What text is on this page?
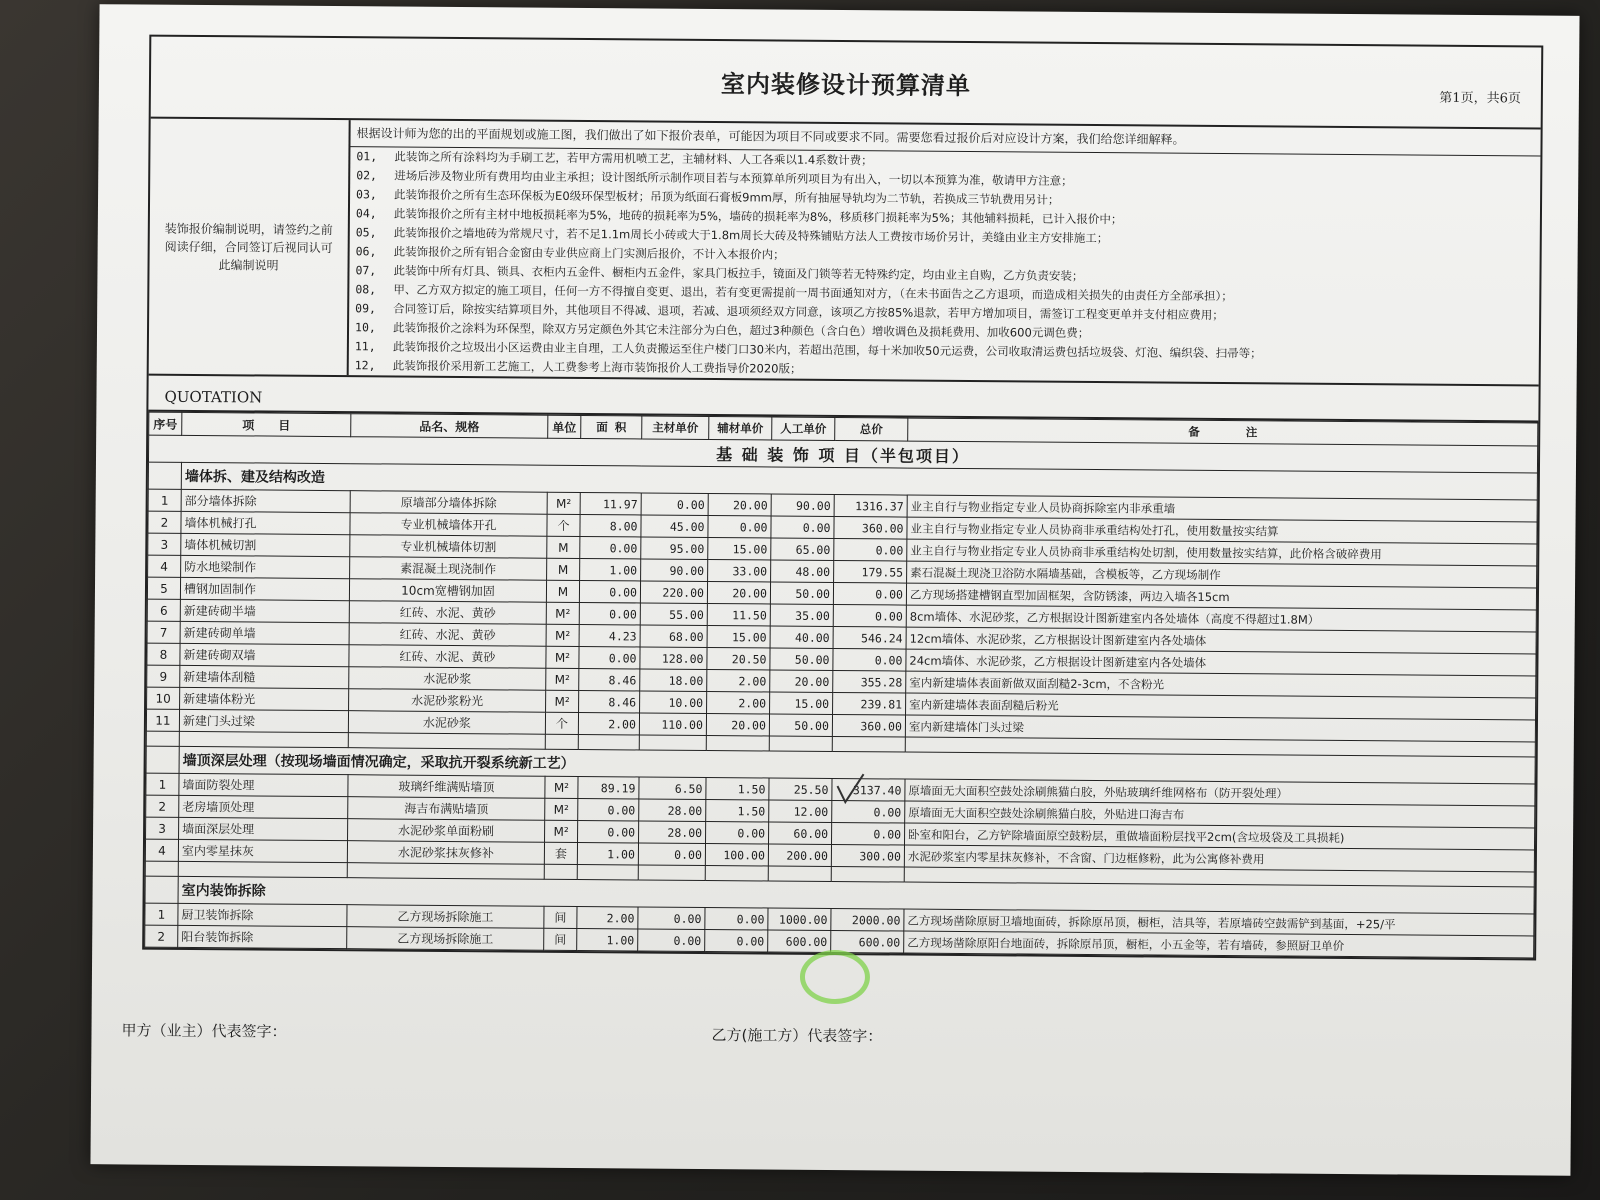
室内装修设计预算清单	第1页，共6页
装饰报价编制说明，请签约之前阅读仔细，合同签订后视同认可此编制说明
根据设计师为您的出的平面规划或施工图，我们做出了如下报价表单，可能因为项目不同或要求不同。需要您看过报价后对应设计方案，我们给您详细解释。
01, 此装饰之所有涂料均为手刷工艺，若甲方需用机喷工艺，主辅材料、人工各乘以1.4系数计费；
02, 进场后涉及物业所有费用均由业主承担；设计图纸所示制作项目若与本预算单所列项目为有出入，一切以本预算为准，敬请甲方注意；
03, 此装饰报价之所有生态环保板为E0级环保型板材；吊顶为纸面石膏板9mm厚，所有抽屉导轨均为二节轨，若换成三节轨费用另计；
04, 此装饰报价之所有主材中地板损耗率为5%，地砖的损耗率为5%，墙砖的损耗率为8%，移质移门损耗率为5%；其他辅料损耗，已计入报价中；
05, 此装饰报价之墙地砖为常规尺寸，若不足1.1m周长小砖或大于1.8m周长大砖及特殊铺贴方法人工费按市场价另计，美缝由业主方安排施工；
06, 此装饰报价之所有铝合金窗由专业供应商上门实测后报价，不计入本报价内；
07, 此装饰中所有灯具、锁具、衣柜内五金件、橱柜内五金件，家具门板拉手，镜面及门锁等若无特殊约定，均由业主自购，乙方负责安装；
08, 甲、乙方双方拟定的施工项目，任何一方不得擅自变更、退出，若有变更需提前一周书面通知对方，（在未书面告之乙方退项，而造成相关损失的由责任方全部承担）；
09, 合同签订后，除按实结算项目外，其他项目不得减、退项，若减、退项须经双方同意，该项乙方按85%退款，若甲方增加项目，需签订工程变更单并支付相应费用；
10, 此装饰报价之涂料为环保型，除双方另定颜色外其它未注部分为白色，超过3种颜色（含白色）增收调色及损耗费用、加收600元调色费；
11, 此装饰报价之垃圾出小区运费由业主自理，工人负责搬运至住户楼门口30米内，若超出范围，每十米加收50元运费，公司收取清运费包括垃圾袋、灯泡、编织袋、扫帚等；
12, 此装饰报价采用新工艺施工，人工费参考上海市装饰报价人工费指导价2020版；
QUOTATION
序号	项　　目	品名、规格	单位	面 积	主材单价	辅材单价	人工单价	总价	备　　　　注
基 础 装 饰 项 目（半包项目）									
	墙体拆、建及结构改造								
1	部分墙体拆除	原墙部分墙体拆除	M²	11.97	0.00	20.00	90.00	1316.37	业主自行与物业指定专业人员协商拆除室内非承重墙
2	墙体机械打孔	专业机械墙体开孔	个	8.00	45.00	0.00	0.00	360.00	业主自行与物业指定专业人员协商非承重结构处打孔，使用数量按实结算
3	墙体机械切割	专业机械墙体切割	M	0.00	95.00	15.00	65.00	0.00	业主自行与物业指定专业人员协商非承重结构处切割，使用数量按实结算，此价格含破碎费用
4	防水地梁制作	素混凝土现浇制作	M	1.00	90.00	33.00	48.00	179.55	素石混凝土现浇卫浴防水隔墙基础，含模板等，乙方现场制作
5	槽钢加固制作	10cm宽槽钢加固	M	0.00	220.00	20.00	50.00	0.00	乙方现场搭建槽钢直型加固框架，含防锈漆，两边入墙各15cm
6	新建砖砌半墙	红砖、水泥、黄砂	M²	0.00	55.00	11.50	35.00	0.00	8cm墙体、水泥砂浆，乙方根据设计图新建室内各处墙体（高度不得超过1.8M）
7	新建砖砌单墙	红砖、水泥、黄砂	M²	4.23	68.00	15.00	40.00	546.24	12cm墙体、水泥砂浆，乙方根据设计图新建室内各处墙体
8	新建砖砌双墙	红砖、水泥、黄砂	M²	0.00	128.00	20.50	50.00	0.00	24cm墙体、水泥砂浆，乙方根据设计图新建室内各处墙体
9	新建墙体刮糙	水泥砂浆	M²	8.46	18.00	2.00	20.00	355.28	室内新建墙体表面新做双面刮糙2-3cm，不含粉光
10	新建墙体粉光	水泥砂浆粉光	M²	8.46	10.00	2.00	15.00	239.81	室内新建墙体表面刮糙后粉光
11	新建门头过梁	水泥砂浆	个	2.00	110.00	20.00	50.00	360.00	室内新建墙体门头过梁

	墙顶深层处理（按现场墙面情况确定，采取抗开裂系统新工艺）								
1	墙面防裂处理	玻璃纤维满贴墙顶	M²	89.19	6.50	1.50	25.50	3137.40	原墙面无大面积空鼓处涂刷熊猫白胶，外贴玻璃纤维网格布（防开裂处理）
2	老房墙顶处理	海吉布满贴墙顶	M²	0.00	28.00	1.50	12.00	0.00	原墙面无大面积空鼓处涂刷熊猫白胶，外贴进口海吉布
3	墙面深层处理	水泥砂浆单面粉刷	M²	0.00	28.00	0.00	60.00	0.00	卧室和阳台，乙方铲除墙面原空鼓粉层，重做墙面粉层找平2cm(含垃圾袋及工具损耗)
4	室内零星抹灰	水泥砂浆抹灰修补	套	1.00	0.00	100.00	200.00	300.00	水泥砂浆室内零星抹灰修补，不含窗、门边框修粉，此为公寓修补费用

	室内装饰拆除								
1	厨卫装饰拆除	乙方现场拆除施工	间	2.00	0.00	0.00	1000.00	2000.00	乙方现场凿除原厨卫墙地面砖，拆除原吊顶，橱柜，洁具等，若原墙砖空鼓需铲到基面，+25/平
2	阳台装饰拆除	乙方现场拆除施工	间	1.00	0.00	0.00	600.00	600.00	乙方现场凿除原阳台地面砖，拆除原吊顶，橱柜，小五金等，若有墙砖，参照厨卫单价
甲方（业主）代表签字：	乙方(施工方）代表签字：
